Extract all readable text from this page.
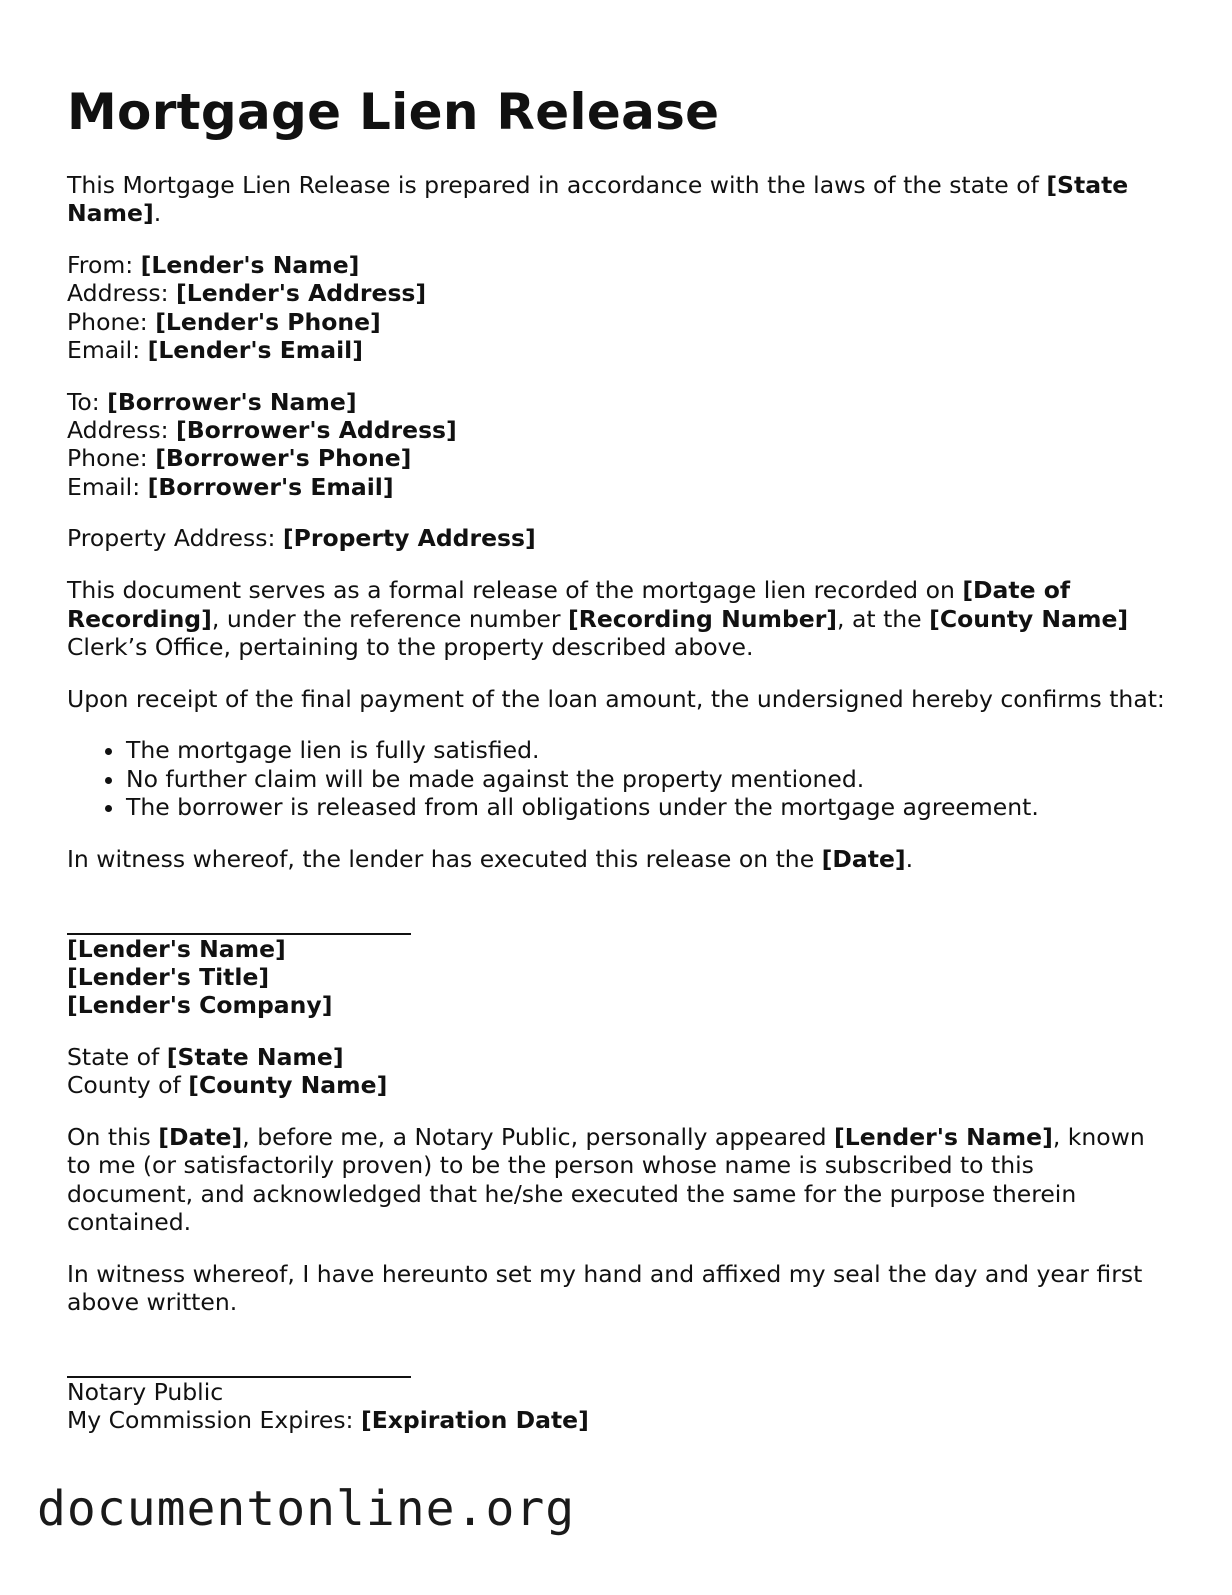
Mortgage Lien Release

This Mortgage Lien Release is prepared in accordance with the laws of the state of [State Name].

From: [Lender's Name]
Address: [Lender's Address]
Phone: [Lender's Phone]
Email: [Lender's Email]

To: [Borrower's Name]
Address: [Borrower's Address]
Phone: [Borrower's Phone]
Email: [Borrower's Email]

Property Address: [Property Address]

This document serves as a formal release of the mortgage lien recorded on [Date of Recording], under the reference number [Recording Number], at the [County Name] Clerk’s Office, pertaining to the property described above.

Upon receipt of the final payment of the loan amount, the undersigned hereby confirms that:

• The mortgage lien is fully satisfied.
• No further claim will be made against the property mentioned.
• The borrower is released from all obligations under the mortgage agreement.

In witness whereof, the lender has executed this release on the [Date].

[Lender's Name]
[Lender's Title]
[Lender's Company]

State of [State Name]
County of [County Name]

On this [Date], before me, a Notary Public, personally appeared [Lender's Name], known to me (or satisfactorily proven) to be the person whose name is subscribed to this document, and acknowledged that he/she executed the same for the purpose therein contained.

In witness whereof, I have hereunto set my hand and affixed my seal the day and year first above written.

Notary Public
My Commission Expires: [Expiration Date]

documentonline.org
